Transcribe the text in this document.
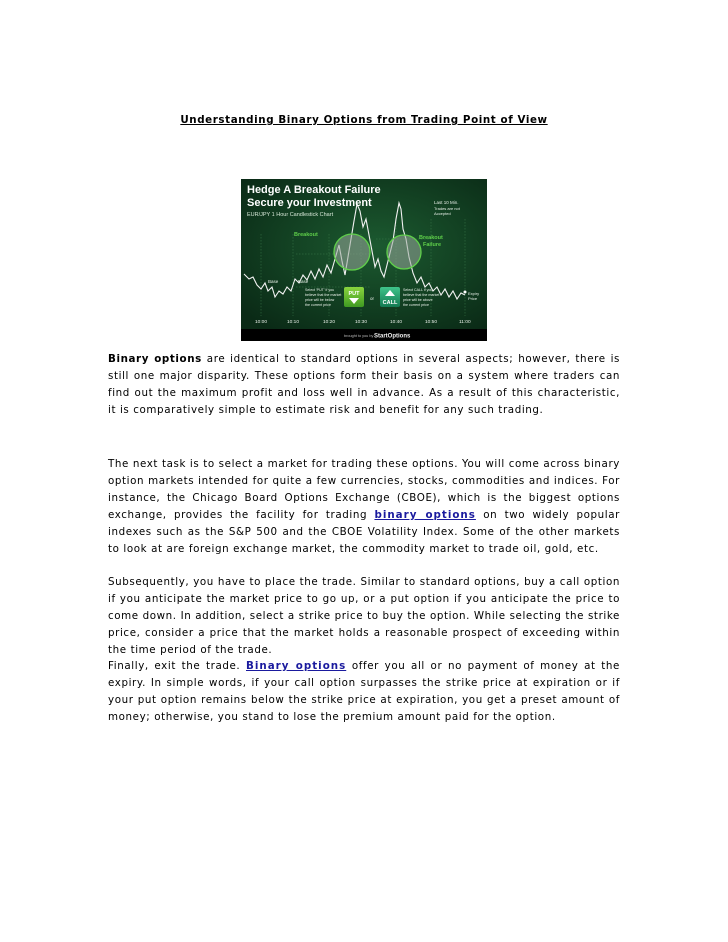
Understanding Binary Options from Trading Point of View
Hedge A Breakout Failure
Secure your Investment
EUR/JPY 1 Hour Candlestick Chart
Breakout	Breakout
Failure
Base	Base
Last 10 Min.
Trades are not
Accepted
Select 'PUT' if you
believe that the market
price will be below
the current price
PUT
or
CALL
Select CALL if you
believe that the market
price will be above
the current price
Expiry
Price
10:00	10:10	10:20	10:30	10:40	10:50	11:00
brought to you by StartOptions

Binary options are identical to standard options in several aspects; however, there is still one major disparity. These options form their basis on a system where traders can find out the maximum profit and loss well in advance. As a result of this characteristic, it is comparatively simple to estimate risk and benefit for any such trading.

The next task is to select a market for trading these options. You will come across binary option markets intended for quite a few currencies, stocks, commodities and indices. For instance, the Chicago Board Options Exchange (CBOE), which is the biggest options exchange, provides the facility for trading binary options on two widely popular indexes such as the S&P 500 and the CBOE Volatility Index. Some of the other markets to look at are foreign exchange market, the commodity market to trade oil, gold, etc.

Subsequently, you have to place the trade. Similar to standard options, buy a call option if you anticipate the market price to go up, or a put option if you anticipate the price to come down. In addition, select a strike price to buy the option. While selecting the strike price, consider a price that the market holds a reasonable prospect of exceeding within the time period of the trade.

Finally, exit the trade. Binary options offer you all or no payment of money at the expiry. In simple words, if your call option surpasses the strike price at expiration or if your put option remains below the strike price at expiration, you get a preset amount of money; otherwise, you stand to lose the premium amount paid for the option.
